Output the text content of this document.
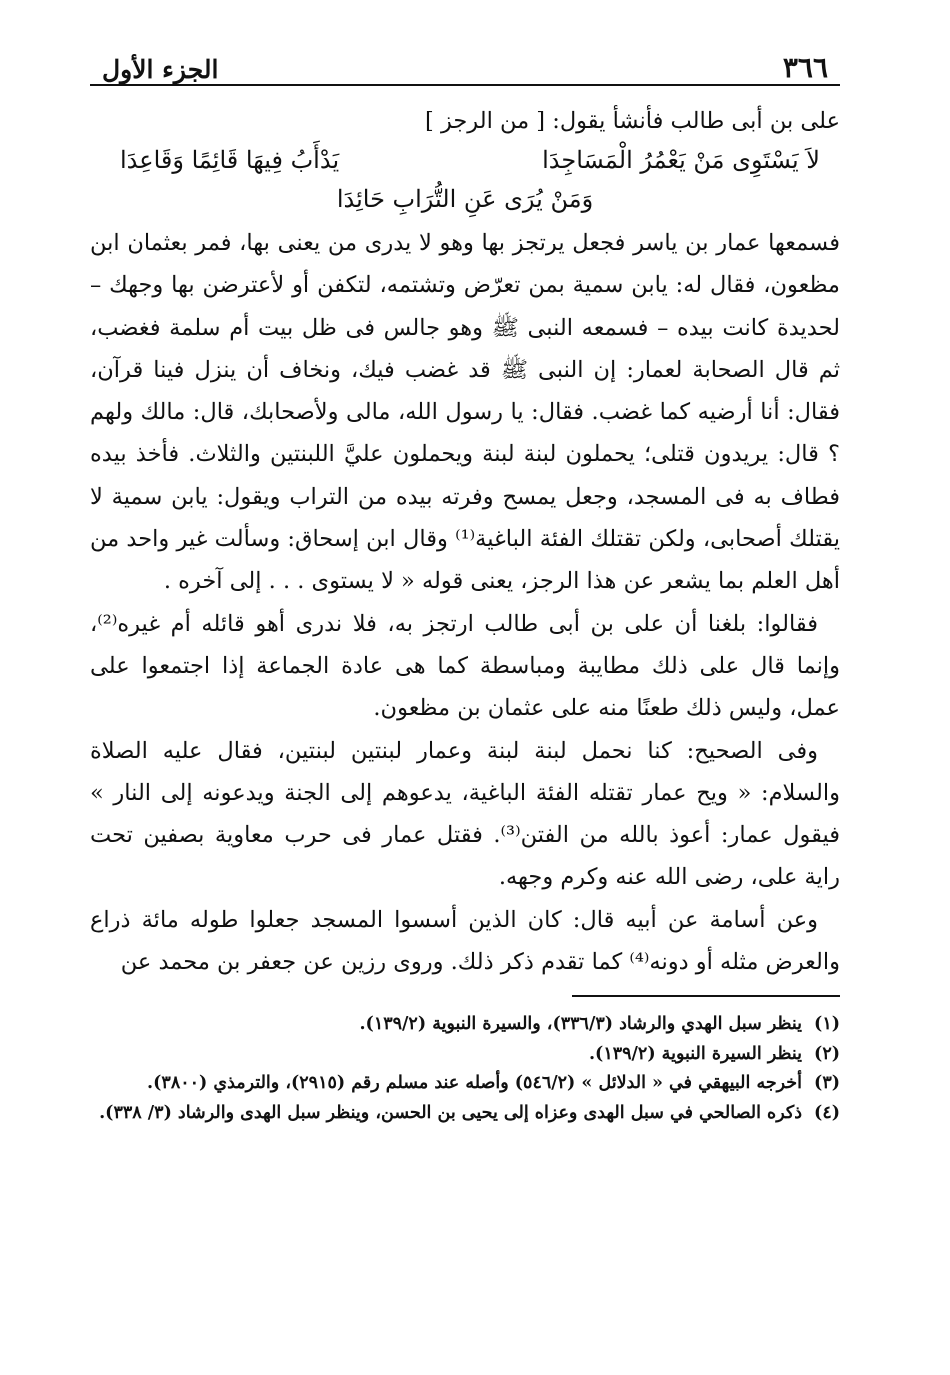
٣٦٦
الجزء الأول

على بن أبى طالب فأنشأ يقول: [ من الرجز ]

لاَ يَسْتَوِى مَنْ يَعْمُرُ الْمَسَاجِدَا
يَدْأَبُ فِيهَا قَائِمًا وَقَاعِدَا
وَمَنْ يُرَى عَنِ التُّرَابِ حَائِدَا

فسمعها عمار بن ياسر فجعل يرتجز بها وهو لا يدرى من يعنى بها، فمر بعثمان ابن مظعون، فقال له: يابن سمية بمن تعرّض وتشتمه، لتكفن أو لأعترضن بها وجهك – لحديدة كانت بيده – فسمعه النبى ﷺ وهو جالس فى ظل بيت أم سلمة فغضب، ثم قال الصحابة لعمار: إن النبى ﷺ قد غضب فيك، ونخاف أن ينزل فينا قرآن، فقال: أنا أرضيه كما غضب. فقال: يا رسول الله، مالى ولأصحابك، قال: مالك ولهم ؟ قال: يريدون قتلى؛ يحملون لبنة لبنة ويحملون عليَّ اللبنتين والثلاث. فأخذ بيده فطاف به فى المسجد، وجعل يمسح وفرته بيده من التراب ويقول: يابن سمية لا يقتلك أصحابى، ولكن تقتلك الفئة الباغية⁽¹⁾ وقال ابن إسحاق: وسألت غير واحد من أهل العلم بما يشعر عن هذا الرجز، يعنى قوله « لا يستوى . . . إلى آخره .

فقالوا: بلغنا أن على بن أبى طالب ارتجز به، فلا ندرى أهو قائله أم غيره⁽²⁾، وإنما قال على ذلك مطايبة ومباسطة كما هى عادة الجماعة إذا اجتمعوا على عمل، وليس ذلك طعنًا منه على عثمان بن مظعون.

وفى الصحيح: كنا نحمل لبنة لبنة وعمار لبنتين لبنتين، فقال عليه الصلاة والسلام: « ويح عمار تقتله الفئة الباغية، يدعوهم إلى الجنة ويدعونه إلى النار » فيقول عمار: أعوذ بالله من الفتن⁽³⁾. فقتل عمار فى حرب معاوية بصفين تحت راية على، رضى الله عنه وكرم وجهه.

وعن أسامة عن أبيه قال: كان الذين أسسوا المسجد جعلوا طوله مائة ذراع والعرض مثله أو دونه⁽⁴⁾ كما تقدم ذكر ذلك. وروى رزين عن جعفر بن محمد عن

(١)
ينظر سبل الهدي والرشاد (٣٣٦/٣)، والسيرة النبوية (١٣٩/٢).
(٢)
ينظر السيرة النبوية (١٣٩/٢).
(٣)
أخرجه البيهقي في « الدلائل » (٥٤٦/٢) وأصله عند مسلم رقم (٢٩١٥)، والترمذي (٣٨٠٠).
(٤)
ذكره الصالحي في سبل الهدى وعزاه إلى يحيى بن الحسن، وينظر سبل الهدى والرشاد (٣/ ٣٣٨).
